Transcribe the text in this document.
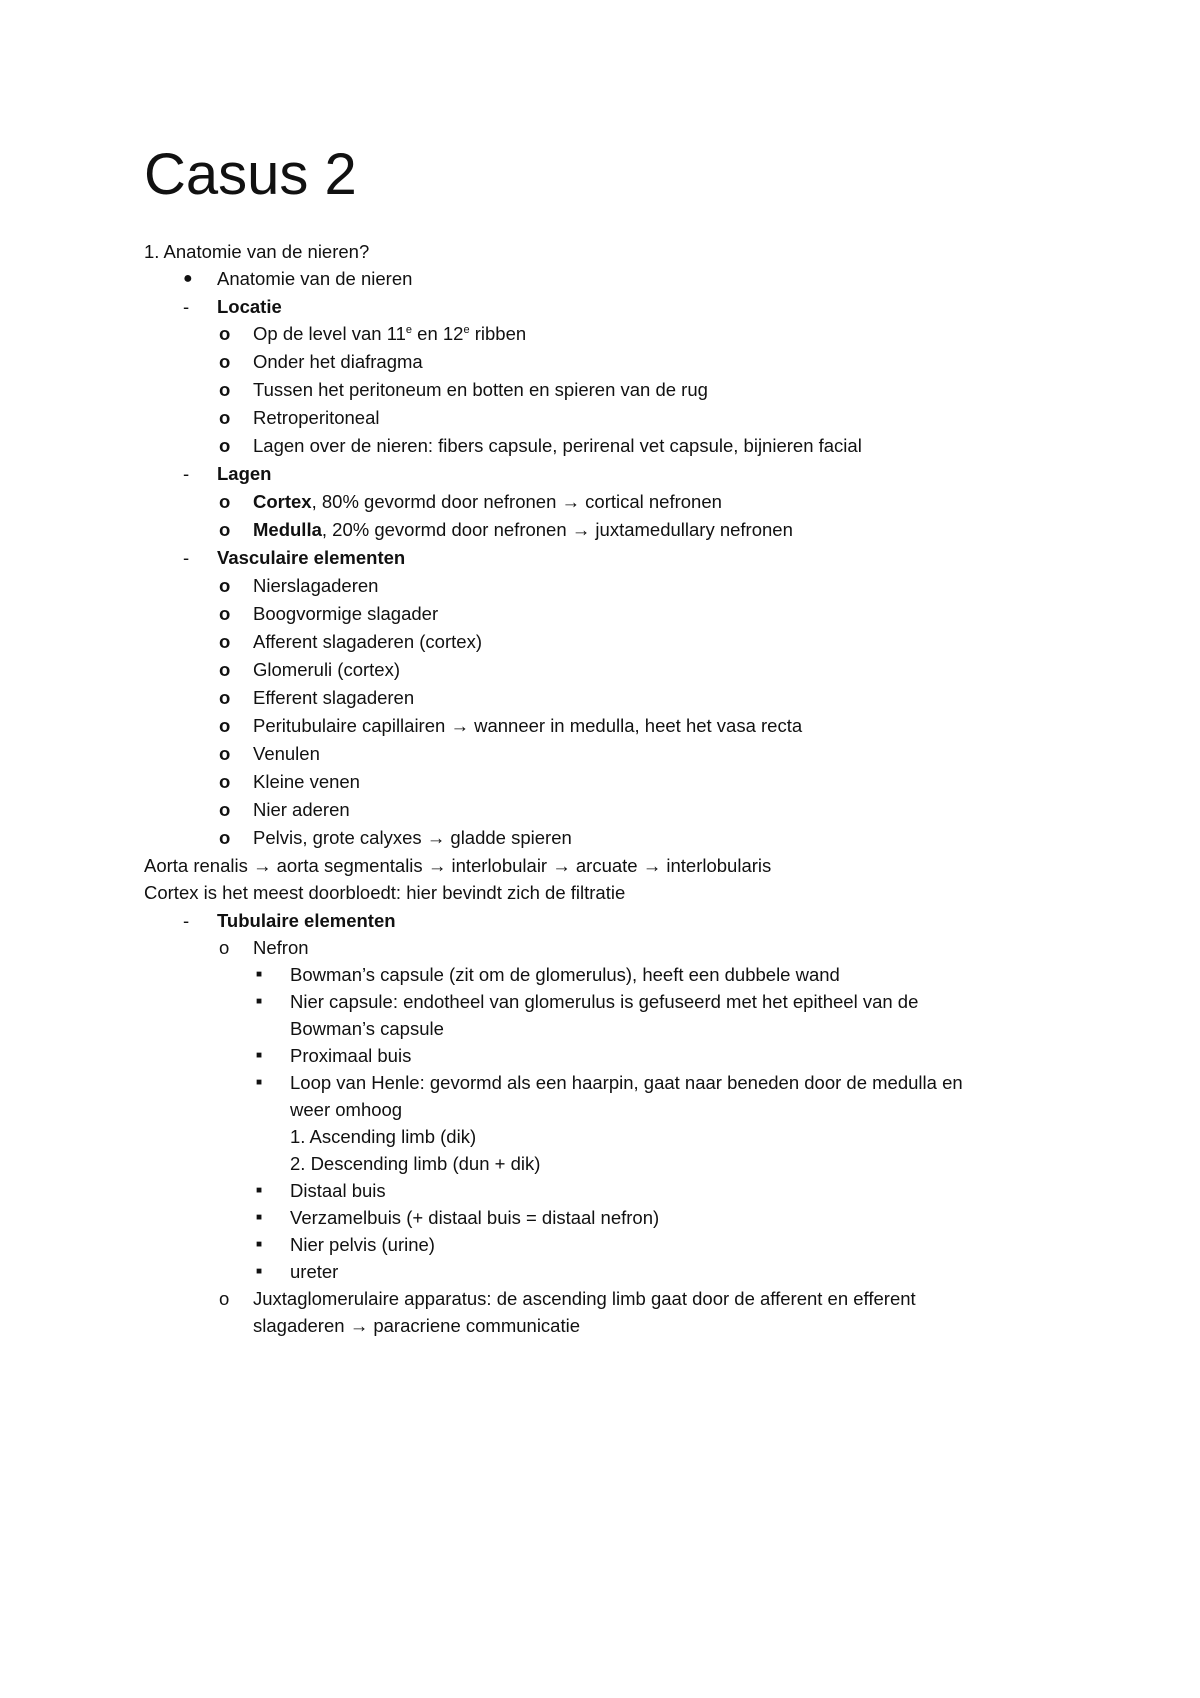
Casus 2
1. Anatomie van de nieren?
● Anatomie van de nieren
- Locatie
o Op de level van 11e en 12e ribben
o Onder het diafragma
o Tussen het peritoneum en botten en spieren van de rug
o Retroperitoneal
o Lagen over de nieren: fibers capsule, perirenal vet capsule, bijnieren facial
- Lagen
o Cortex, 80% gevormd door nefronen → cortical nefronen
o Medulla, 20% gevormd door nefronen → juxtamedullary nefronen
- Vasculaire elementen
o Nierslagaderen
o Boogvormige slagader
o Afferent slagaderen (cortex)
o Glomeruli (cortex)
o Efferent slagaderen
o Peritubulaire capillairen → wanneer in medulla, heet het vasa recta
o Venulen
o Kleine venen
o Nier aderen
o Pelvis, grote calyxes → gladde spieren
Aorta renalis → aorta segmentalis → interlobulair → arcuate → interlobularis
Cortex is het meest doorbloedt: hier bevindt zich de filtratie
- Tubulaire elementen
o Nefron
■ Bowman’s capsule (zit om de glomerulus), heeft een dubbele wand
■ Nier capsule: endotheel van glomerulus is gefuseerd met het epitheel van de
Bowman’s capsule
■ Proximaal buis
■ Loop van Henle: gevormd als een haarpin, gaat naar beneden door de medulla en
weer omhoog
1. Ascending limb (dik)
2. Descending limb (dun + dik)
■ Distaal buis
■ Verzamelbuis (+ distaal buis = distaal nefron)
■ Nier pelvis (urine)
■ ureter
o Juxtaglomerulaire apparatus: de ascending limb gaat door de afferent en efferent
slagaderen → paracriene communicatie
